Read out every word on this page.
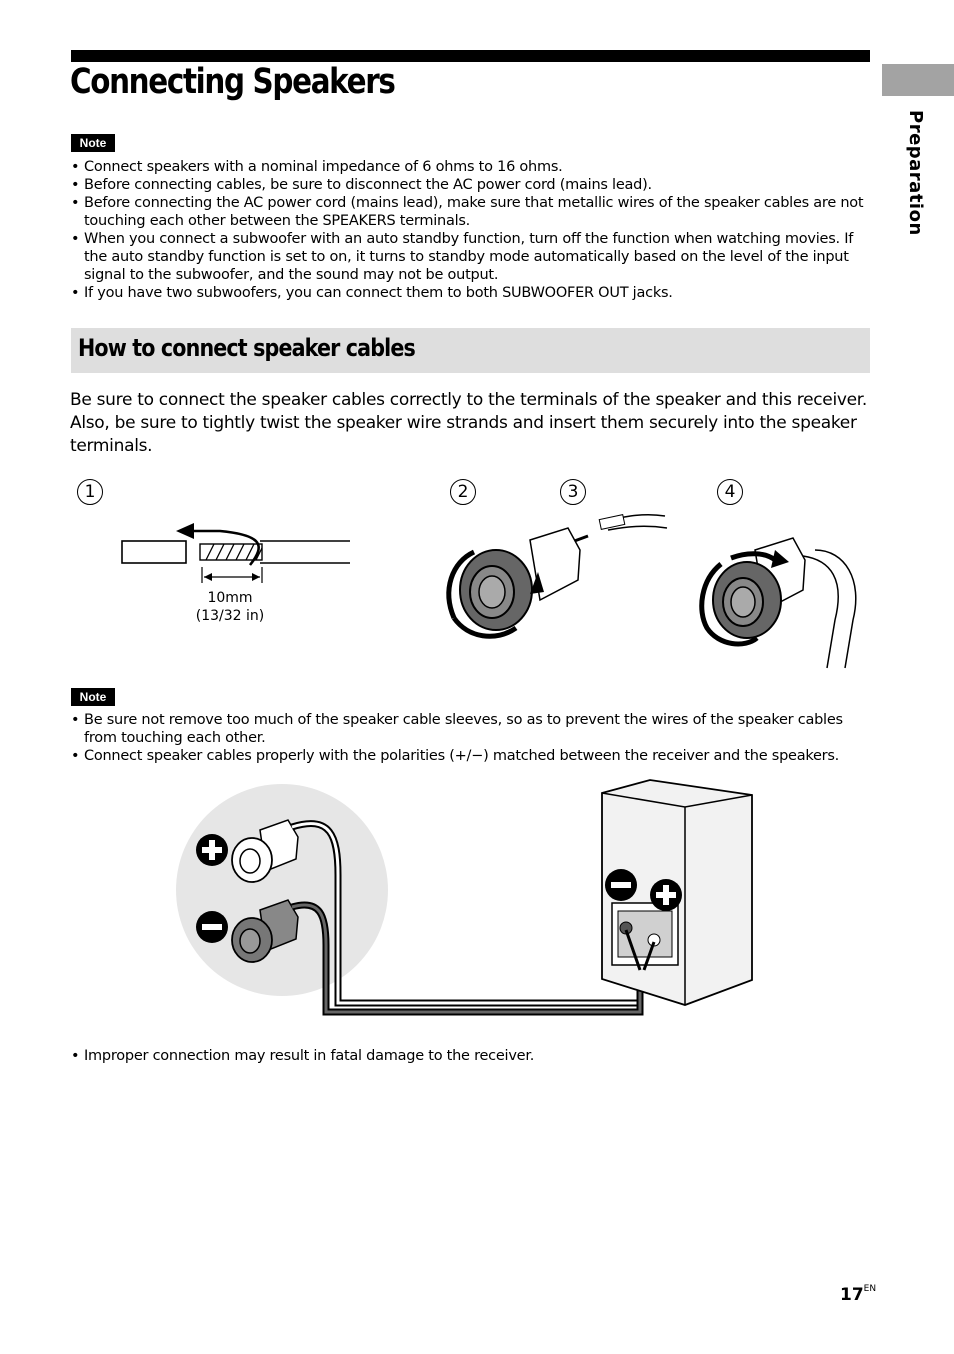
Connecting Speakers
Preparation
Note
• Connect speakers with a nominal impedance of 6 ohms to 16 ohms.
• Before connecting cables, be sure to disconnect the AC power cord (mains lead).
• Before connecting the AC power cord (mains lead), make sure that metallic wires of the speaker cables are not touching each other between the SPEAKERS terminals.
• When you connect a subwoofer with an auto standby function, turn off the function when watching movies. If the auto standby function is set to on, it turns to standby mode automatically based on the level of the input signal to the subwoofer, and the sound may not be output.
• If you have two subwoofers, you can connect them to both SUBWOOFER OUT jacks.
How to connect speaker cables

Be sure to connect the speaker cables correctly to the terminals of the speaker and this receiver. Also, be sure to tightly twist the speaker wire strands and insert them securely into the speaker terminals.

1	2	3	4
10mm
(13/32 in)
Note
• Be sure not remove too much of the speaker cable sleeves, so as to prevent the wires of the speaker cables from touching each other.
• Connect speaker cables properly with the polarities (+/−) matched between the receiver and the speakers.
• Improper connection may result in fatal damage to the receiver.
$17^{EN}$
